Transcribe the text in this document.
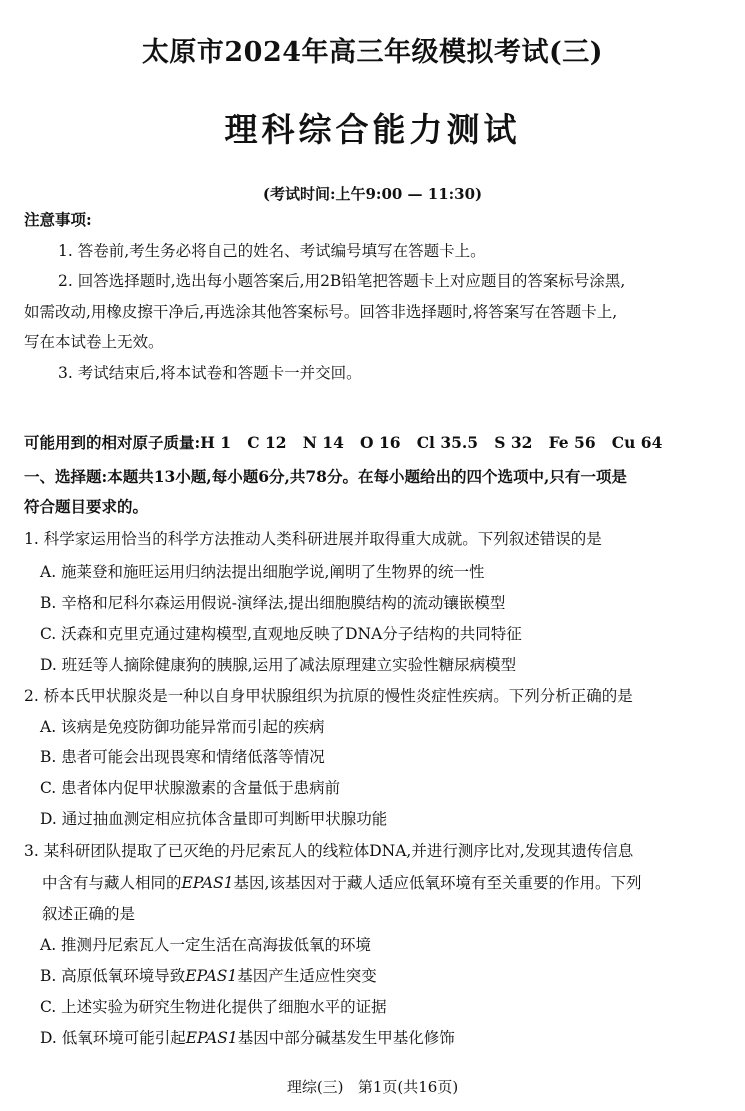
太原市2024年高三年级模拟考试(三)
理科综合能力测试
(考试时间:上午9:00 — 11:30)
注意事项:
1. 答卷前,考生务必将自己的姓名、考试编号填写在答题卡上。
2. 回答选择题时,选出每小题答案后,用2B铅笔把答题卡上对应题目的答案标号涂黑,
如需改动,用橡皮擦干净后,再选涂其他答案标号。回答非选择题时,将答案写在答题卡上,
写在本试卷上无效。
3. 考试结束后,将本试卷和答题卡一并交回。
可能用到的相对原子质量:H 1   C 12   N 14   O 16   Cl 35.5   S 32   Fe 56   Cu 64
一、选择题:本题共13小题,每小题6分,共78分。在每小题给出的四个选项中,只有一项是
符合题目要求的。
1. 科学家运用恰当的科学方法推动人类科研进展并取得重大成就。下列叙述错误的是
A. 施莱登和施旺运用归纳法提出细胞学说,阐明了生物界的统一性
B. 辛格和尼科尔森运用假说-演绎法,提出细胞膜结构的流动镶嵌模型
C. 沃森和克里克通过建构模型,直观地反映了DNA分子结构的共同特征
D. 班廷等人摘除健康狗的胰腺,运用了减法原理建立实验性糖尿病模型
2. 桥本氏甲状腺炎是一种以自身甲状腺组织为抗原的慢性炎症性疾病。下列分析正确的是
A. 该病是免疫防御功能异常而引起的疾病
B. 患者可能会出现畏寒和情绪低落等情况
C. 患者体内促甲状腺激素的含量低于患病前
D. 通过抽血测定相应抗体含量即可判断甲状腺功能
3. 某科研团队提取了已灭绝的丹尼索瓦人的线粒体DNA,并进行测序比对,发现其遗传信息
中含有与藏人相同的EPAS1基因,该基因对于藏人适应低氧环境有至关重要的作用。下列
叙述正确的是
A. 推测丹尼索瓦人一定生活在高海拔低氧的环境
B. 高原低氧环境导致EPAS1基因产生适应性突变
C. 上述实验为研究生物进化提供了细胞水平的证据
D. 低氧环境可能引起EPAS1基因中部分碱基发生甲基化修饰
理综(三)   第1页(共16页)
